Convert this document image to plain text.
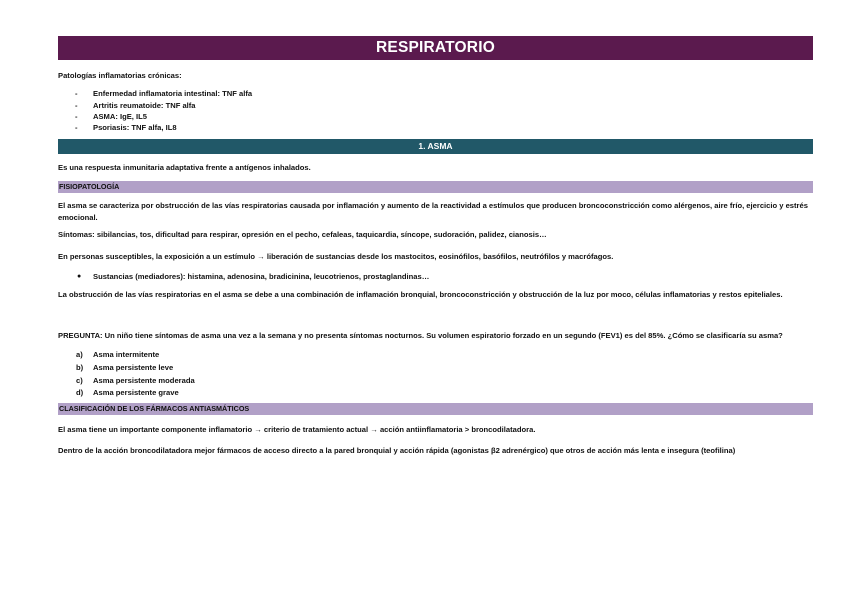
RESPIRATORIO

Patologías inflamatorias crónicas:

- Enfermedad inflamatoria intestinal: TNF alfa
- Artritis reumatoide: TNF alfa
- ASMA: IgE, IL5
- Psoriasis: TNF alfa, IL8
1. ASMA

Es una respuesta inmunitaria adaptativa frente a antígenos inhalados.

FISIOPATOLOGÍA

El asma se caracteriza por obstrucción de las vías respiratorias causada por inflamación y aumento de la reactividad a estímulos que producen broncoconstricción como alérgenos, aire frío, ejercicio y estrés emocional.

Síntomas: sibilancias, tos, dificultad para respirar, opresión en el pecho, cefaleas, taquicardia, síncope, sudoración, palidez, cianosis…

En personas susceptibles, la exposición a un estímulo → liberación de sustancias desde los mastocitos, eosinófilos, basófilos, neutrófilos y macrófagos.

● Sustancias (mediadores): histamina, adenosina, bradicinina, leucotrienos, prostaglandinas…

La obstrucción de las vías respiratorias en el asma se debe a una combinación de inflamación bronquial, broncoconstricción y obstrucción de la luz por moco, células inflamatorias y restos epiteliales.

PREGUNTA: Un niño tiene síntomas de asma una vez a la semana y no presenta síntomas nocturnos. Su volumen espiratorio forzado en un segundo (FEV1) es del 85%. ¿Cómo se clasificaría su asma?

a) Asma intermitente
b) Asma persistente leve
c) Asma persistente moderada
d) Asma persistente grave
CLASIFICACIÓN DE LOS FÁRMACOS ANTIASMÁTICOS

El asma tiene un importante componente inflamatorio → criterio de tratamiento actual → acción antiinflamatoria > broncodilatadora.

Dentro de la acción broncodilatadora mejor fármacos de acceso directo a la pared bronquial y acción rápida (agonistas β2 adrenérgico) que otros de acción más lenta e insegura (teofilina)
